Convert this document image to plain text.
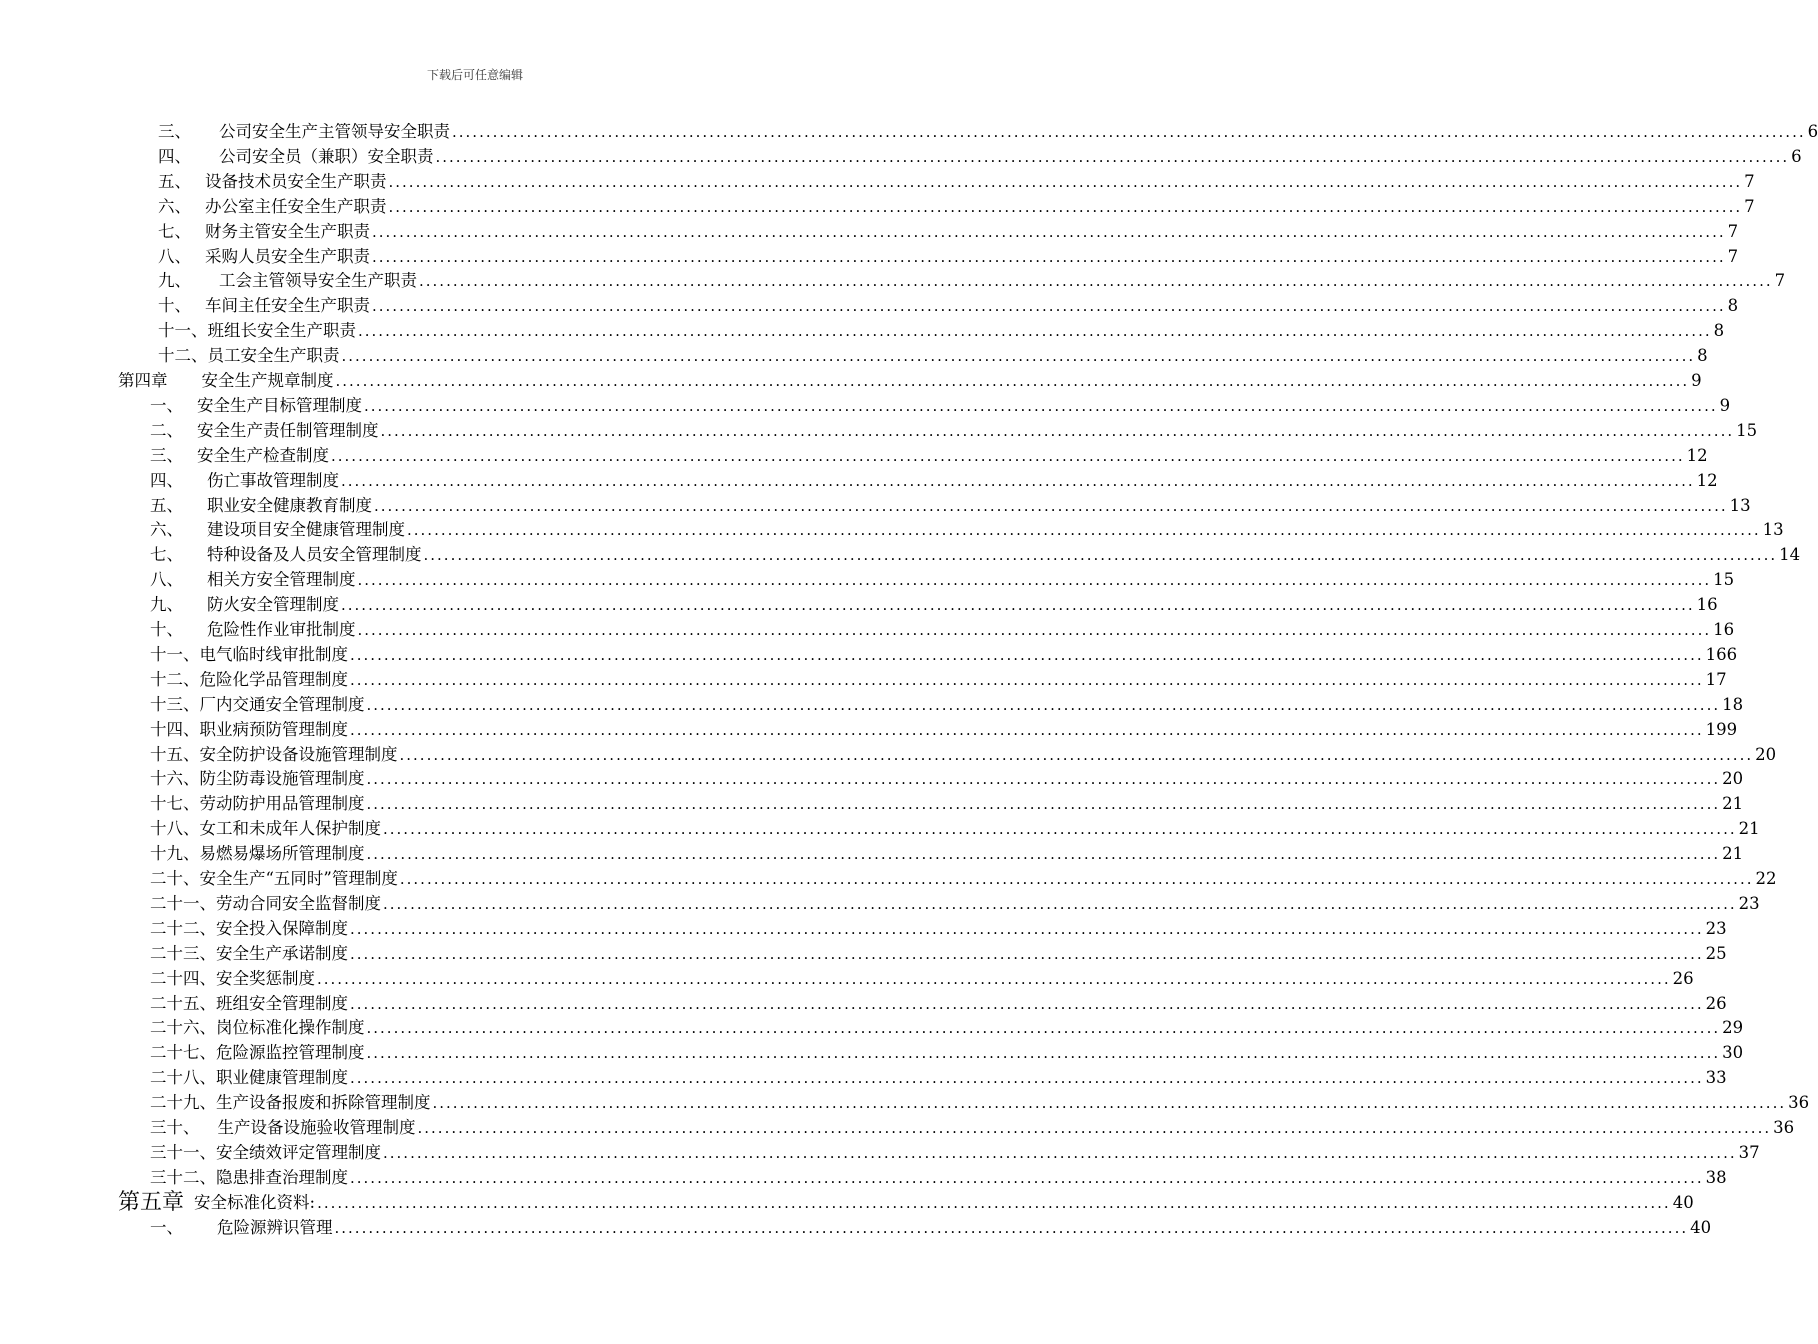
下载后可任意编辑
三、 公司安全生产主管领导安全职责 ........................................................................................................................................................................................................ 6
四、 公司安全员（兼职）安全职责 ........................................................................................................................................................................................................ 6
五、 设备技术员安全生产职责 ........................................................................................................................................................................................................ 7
六、 办公室主任安全生产职责 ........................................................................................................................................................................................................ 7
七、 财务主管安全生产职责 ........................................................................................................................................................................................................ 7
八、 采购人员安全生产职责 ........................................................................................................................................................................................................ 7
九、 工会主管领导安全生产职责 ........................................................................................................................................................................................................ 7
十、 车间主任安全生产职责 ........................................................................................................................................................................................................ 8
十一、 班组长安全生产职责 ........................................................................................................................................................................................................ 8
十二、 员工安全生产职责 ........................................................................................................................................................................................................ 8
第四章 安全生产规章制度 ........................................................................................................................................................................................................ 9
一、 安全生产目标管理制度 ........................................................................................................................................................................................................ 9
二、 安全生产责任制管理制度 ........................................................................................................................................................................................................ 15
三、 安全生产检查制度 ........................................................................................................................................................................................................ 12
四、 伤亡事故管理制度 ........................................................................................................................................................................................................ 12
五、 职业安全健康教育制度 ........................................................................................................................................................................................................ 13
六、 建设项目安全健康管理制度 ........................................................................................................................................................................................................ 13
七、 特种设备及人员安全管理制度 ........................................................................................................................................................................................................ 14
八、 相关方安全管理制度 ........................................................................................................................................................................................................ 15
九、 防火安全管理制度 ........................................................................................................................................................................................................ 16
十、 危险性作业审批制度 ........................................................................................................................................................................................................ 16
十一、 电气临时线审批制度 ........................................................................................................................................................................................................ 166
十二、 危险化学品管理制度 ........................................................................................................................................................................................................ 17
十三、 厂内交通安全管理制度 ........................................................................................................................................................................................................ 18
十四、 职业病预防管理制度 ........................................................................................................................................................................................................ 199
十五、 安全防护设备设施管理制度 ........................................................................................................................................................................................................ 20
十六、 防尘防毒设施管理制度 ........................................................................................................................................................................................................ 20
十七、 劳动防护用品管理制度 ........................................................................................................................................................................................................ 21
十八、 女工和未成年人保护制度 ........................................................................................................................................................................................................ 21
十九、 易燃易爆场所管理制度 ........................................................................................................................................................................................................ 21
二十、 安全生产“五同时”管理制度 ........................................................................................................................................................................................................ 22
二十一、 劳动合同安全监督制度 ........................................................................................................................................................................................................ 23
二十二、 安全投入保障制度 ........................................................................................................................................................................................................ 23
二十三、 安全生产承诺制度 ........................................................................................................................................................................................................ 25
二十四、 安全奖惩制度 ........................................................................................................................................................................................................ 26
二十五、 班组安全管理制度 ........................................................................................................................................................................................................ 26
二十六、 岗位标准化操作制度 ........................................................................................................................................................................................................ 29
二十七、 危险源监控管理制度 ........................................................................................................................................................................................................ 30
二十八、 职业健康管理制度 ........................................................................................................................................................................................................ 33
二十九、 生产设备报废和拆除管理制度 ........................................................................................................................................................................................................ 36
三十、 生产设备设施验收管理制度 ........................................................................................................................................................................................................ 36
三十一、 安全绩效评定管理制度 ........................................................................................................................................................................................................ 37
三十二、 隐患排查治理制度 ........................................................................................................................................................................................................ 38
第五章 安全标准化资料: ........................................................................................................................................................................................................ 40
一、 危险源辨识管理 ........................................................................................................................................................................................................ 40
